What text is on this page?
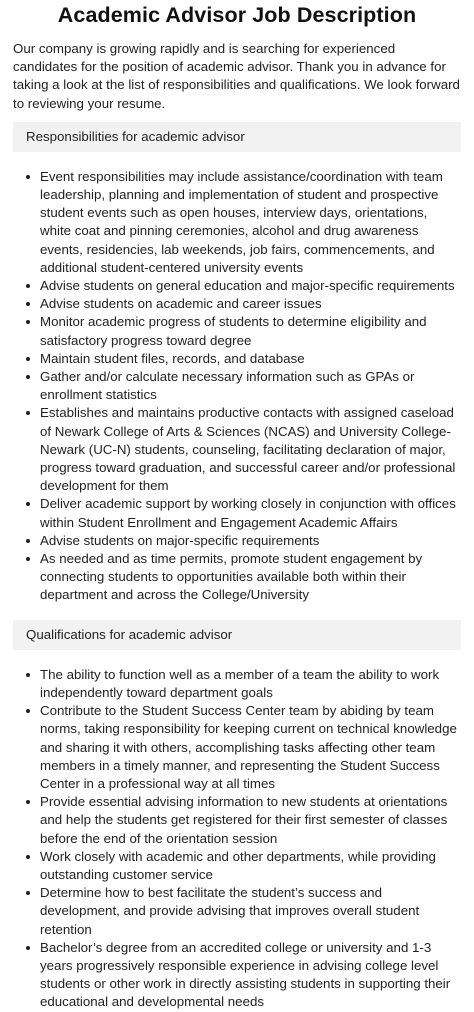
Academic Advisor Job Description

Our company is growing rapidly and is searching for experienced candidates for the position of academic advisor. Thank you in advance for taking a look at the list of responsibilities and qualifications. We look forward to reviewing your resume.

Responsibilities for academic advisor
Event responsibilities may include assistance/coordination with team leadership, planning and implementation of student and prospective student events such as open houses, interview days, orientations, white coat and pinning ceremonies, alcohol and drug awareness events, residencies, lab weekends, job fairs, commencements, and additional student-centered university events
Advise students on general education and major-specific requirements
Advise students on academic and career issues
Monitor academic progress of students to determine eligibility and satisfactory progress toward degree
Maintain student files, records, and database
Gather and/or calculate necessary information such as GPAs or enrollment statistics
Establishes and maintains productive contacts with assigned caseload of Newark College of Arts & Sciences (NCAS) and University College-Newark (UC-N) students, counseling, facilitating declaration of major, progress toward graduation, and successful career and/or professional development for them
Deliver academic support by working closely in conjunction with offices within Student Enrollment and Engagement Academic Affairs
Advise students on major-specific requirements
As needed and as time permits, promote student engagement by connecting students to opportunities available both within their department and across the College/University
Qualifications for academic advisor
The ability to function well as a member of a team the ability to work independently toward department goals
Contribute to the Student Success Center team by abiding by team norms, taking responsibility for keeping current on technical knowledge and sharing it with others, accomplishing tasks affecting other team members in a timely manner, and representing the Student Success Center in a professional way at all times
Provide essential advising information to new students at orientations and help the students get registered for their first semester of classes before the end of the orientation session
Work closely with academic and other departments, while providing outstanding customer service
Determine how to best facilitate the student’s success and development, and provide advising that improves overall student retention
Bachelor’s degree from an accredited college or university and 1-3 years progressively responsible experience in advising college level students or other work in directly assisting students in supporting their educational and developmental needs
